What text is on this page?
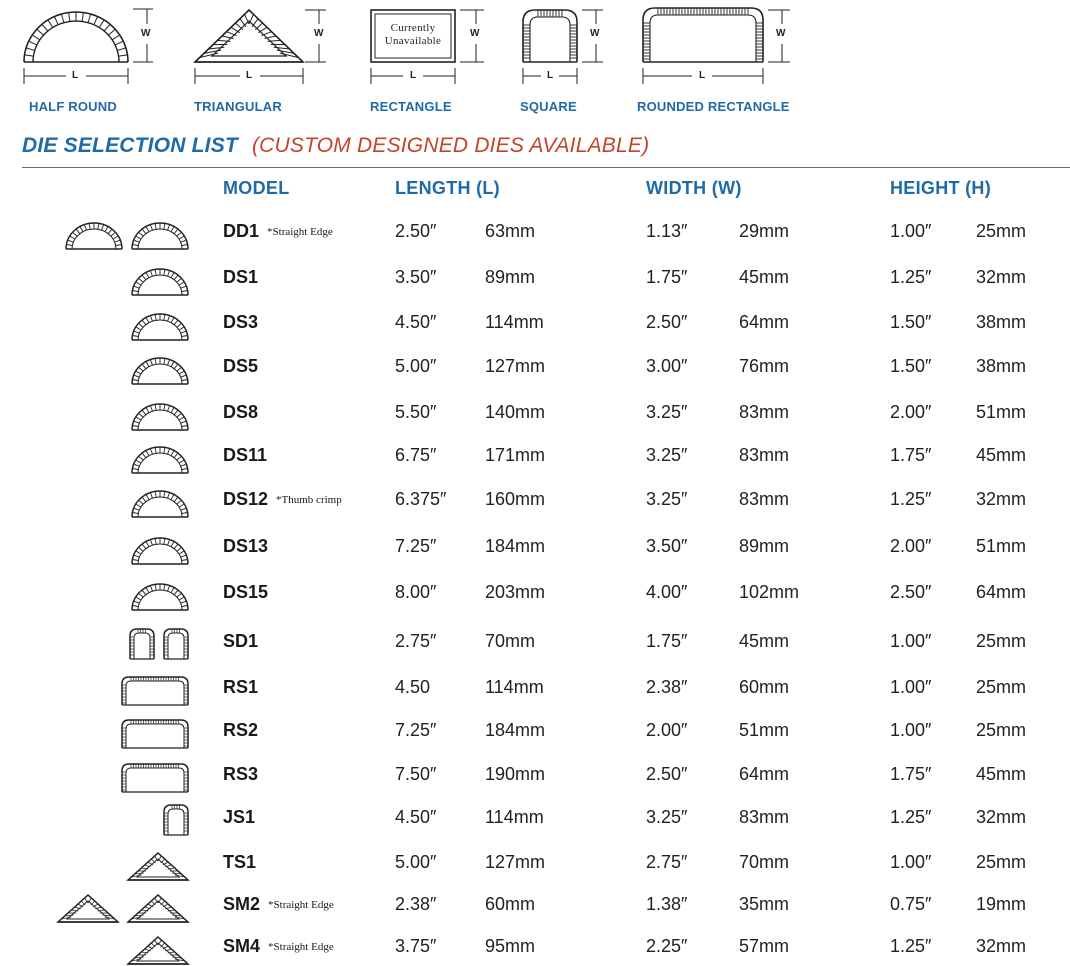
W
L
HALF ROUND
W
L
TRIANGULAR
Currently
Unavailable
W
L
RECTANGLE
W
L
SQUARE
W
L
ROUNDED RECTANGLE
DIE SELECTION LIST (CUSTOM DESIGNED DIES AVAILABLE)
MODEL	LENGTH (L)	WIDTH (W)	HEIGHT (H)
DD1 *Straight Edge	2.50″	63mm	1.13″	29mm	1.00″ 25mm
DS1	3.50″	89mm	1.75″	45mm	1.25″ 32mm
DS3	4.50″	114mm	2.50″	64mm	1.50″ 38mm
DS5	5.00″	127mm	3.00″	76mm	1.50″ 38mm
DS8	5.50″	140mm	3.25″	83mm	2.00″ 51mm
DS11	6.75″	171mm	3.25″	83mm	1.75″ 45mm
DS12 *Thumb crimp	6.375″ 160mm	3.25″	83mm	1.25″ 32mm
DS13	7.25″	184mm	3.50″	89mm	2.00″ 51mm
DS15	8.00″	203mm	4.00″	102mm	2.50″ 64mm
SD1	2.75″	70mm	1.75″	45mm	1.00″ 25mm
RS1	4.50	114mm	2.38″	60mm	1.00″ 25mm
RS2	7.25″	184mm	2.00″	51mm	1.00″ 25mm
RS3	7.50″	190mm	2.50″	64mm	1.75″ 45mm
JS1	4.50″	114mm	3.25″	83mm	1.25″ 32mm
TS1	5.00″	127mm	2.75″	70mm	1.00″ 25mm
SM2 *Straight Edge	2.38″	60mm	1.38″	35mm	0.75″ 19mm
SM4 *Straight Edge	3.75″	95mm	2.25″	57mm	1.25″ 32mm
